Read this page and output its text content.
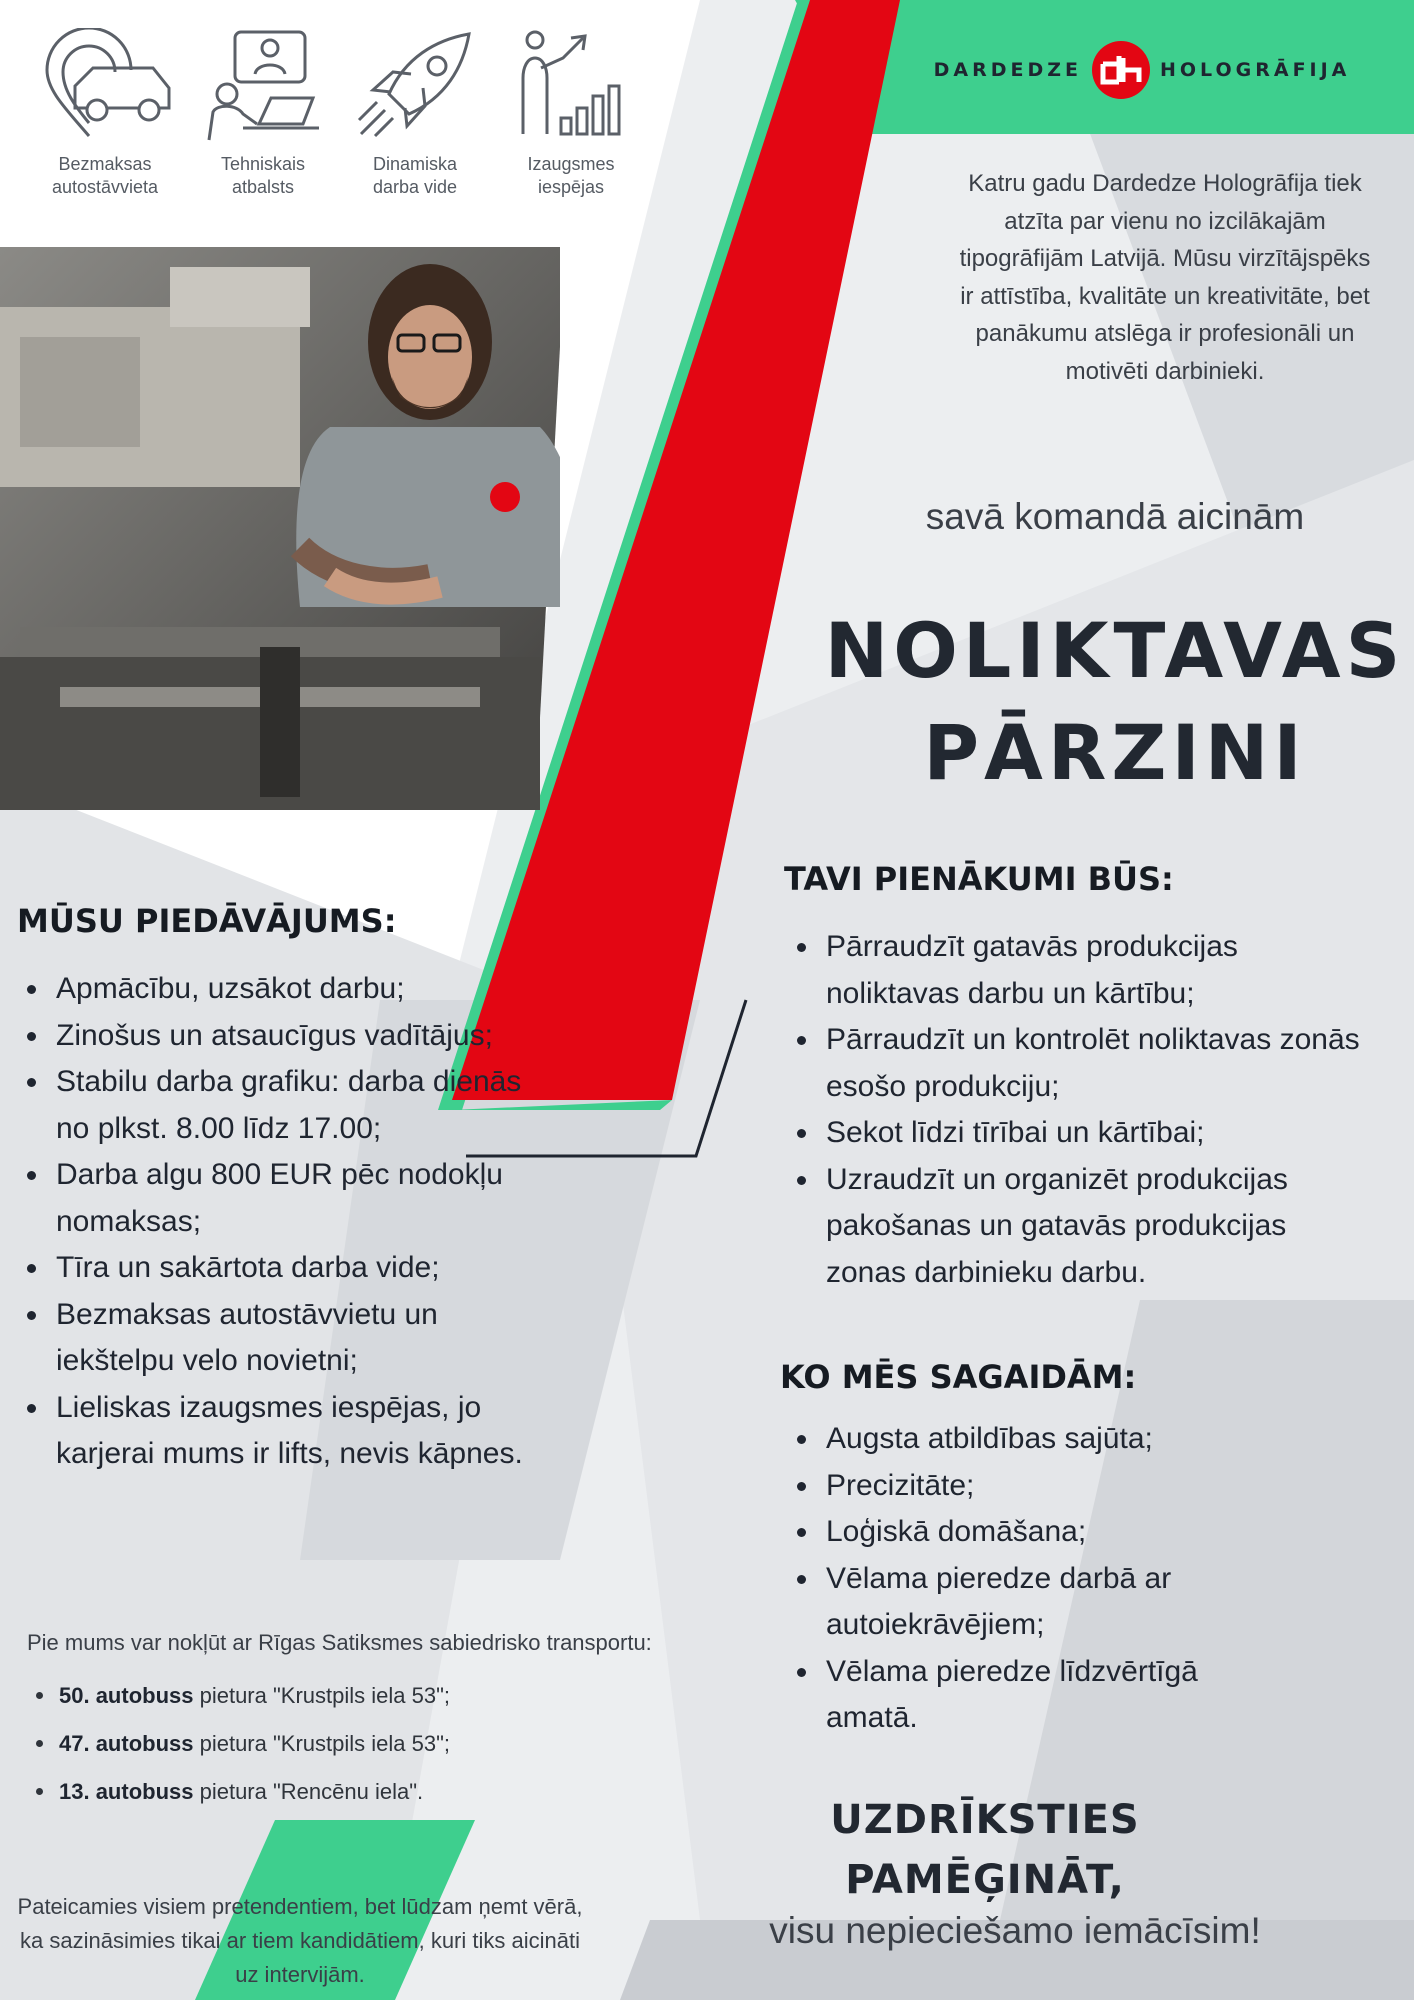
Bezmaksas
autostāvvieta
Tehniskais
atbalsts
Dinamiska
darba vide
Izaugsmes
iespējas
DARDEDZE	HOLOGRĀFIJA
Katru gadu Dardedze Hologrāfija tiek atzīta par vienu no izcilākajām tipogrāfijām Latvijā. Mūsu virzītājspēks ir attīstība, kvalitāte un kreativitāte, bet panākumu atslēga ir profesionāli un motivēti darbinieki.
savā komandā aicinām
NOLIKTAVAS
PĀRZINI
MŪSU PIEDĀVĀJUMS:
Apmācību, uzsākot darbu;
Zinošus un atsaucīgus vadītājus;
Stabilu darba grafiku: darba dienās no plkst. 8.00 līdz 17.00;
Darba algu 800 EUR pēc nodokļu nomaksas;
Tīra un sakārtota darba vide;
Bezmaksas autostāvvietu un iekštelpu velo novietni;
Lieliskas izaugsmes iespējas, jo karjerai mums ir lifts, nevis kāpnes.
TAVI PIENĀKUMI BŪS:
Pārraudzīt gatavās produkcijas noliktavas darbu un kārtību;
Pārraudzīt un kontrolēt noliktavas zonās esošo produkciju;
Sekot līdzi tīrībai un kārtībai;
Uzraudzīt un organizēt produkcijas pakošanas un gatavās produkcijas zonas darbinieku darbu.
KO MĒS SAGAIDĀM:
Augsta atbildības sajūta;
Precizitāte;
Loģiskā domāšana;
Vēlama pieredze darbā ar autoiekrāvējiem;
Vēlama pieredze līdzvērtīgā amatā.
Pie mums var nokļūt ar Rīgas Satiksmes sabiedrisko transportu:
50. autobuss pietura "Krustpils iela 53";
47. autobuss pietura "Krustpils iela 53";
13. autobuss pietura "Rencēnu iela".
Pateicamies visiem pretendentiem, bet lūdzam ņemt vērā, ka sazināsimies tikai ar tiem kandidātiem, kuri tiks aicināti uz intervijām.
UZDRĪKSTIES
PAMĒĢINĀT,
visu nepieciešamo iemācīsim!
